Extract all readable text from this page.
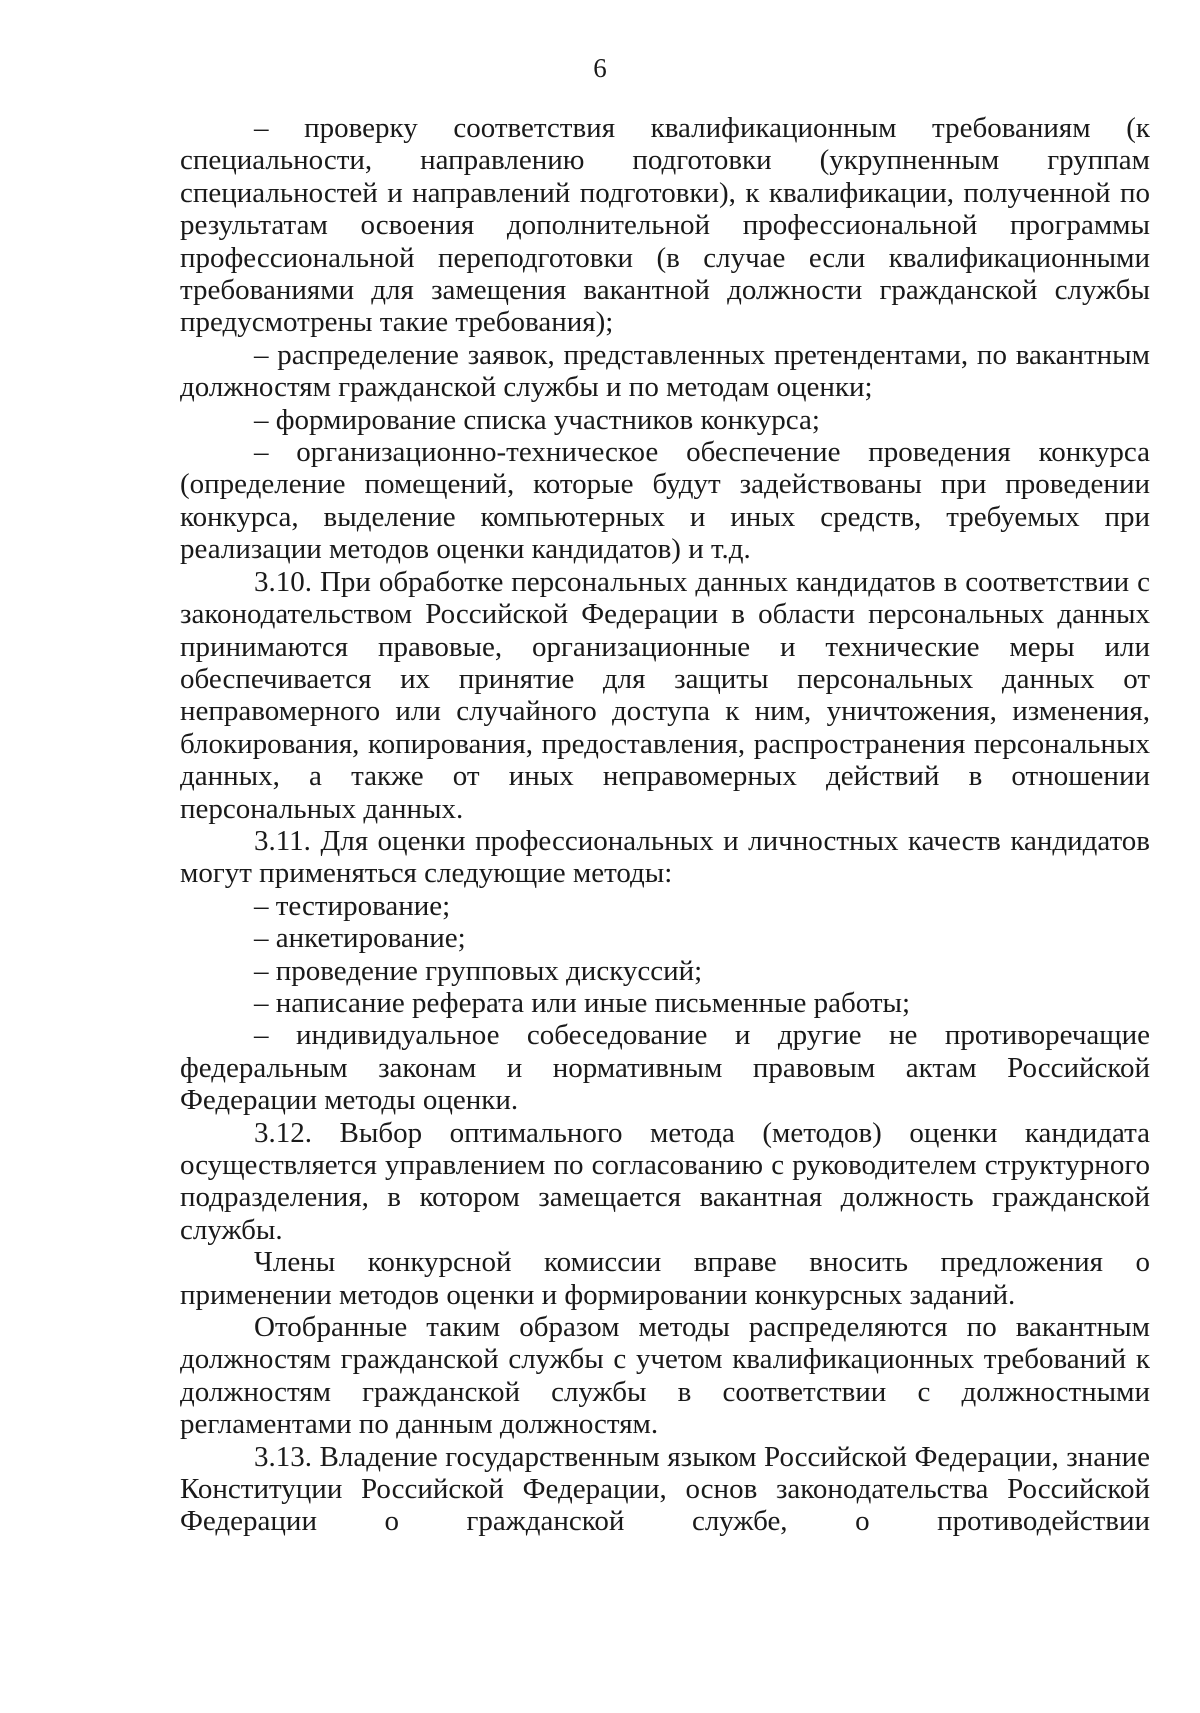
6

– проверку соответствия квалификационным требованиям (к специальности, направлению подготовки (укрупненным группам специальностей и направлений подготовки), к квалификации, полученной по результатам освоения дополнительной профессиональной программы профессиональной переподготовки (в случае если квалификационными требованиями для замещения вакантной должности гражданской службы предусмотрены такие требования);

– распределение заявок, представленных претендентами, по вакантным должностям гражданской службы и по методам оценки;

– формирование списка участников конкурса;

– организационно-техническое обеспечение проведения конкурса (определение помещений, которые будут задействованы при проведении конкурса, выделение компьютерных и иных средств, требуемых при реализации методов оценки кандидатов) и т.д.

3.10. При обработке персональных данных кандидатов в соответствии с законодательством Российской Федерации в области персональных данных принимаются правовые, организационные и технические меры или обеспечивается их принятие для защиты персональных данных от неправомерного или случайного доступа к ним, уничтожения, изменения, блокирования, копирования, предоставления, распространения персональных данных, а также от иных неправомерных действий в отношении персональных данных.

3.11. Для оценки профессиональных и личностных качеств кандидатов могут применяться следующие методы:

– тестирование;

– анкетирование;

– проведение групповых дискуссий;

– написание реферата или иные письменные работы;

– индивидуальное собеседование и другие не противоречащие федеральным законам и нормативным правовым актам Российской Федерации методы оценки.

3.12. Выбор оптимального метода (методов) оценки кандидата осуществляется управлением по согласованию с руководителем структурного подразделения, в котором замещается вакантная должность гражданской службы.

Члены конкурсной комиссии вправе вносить предложения о применении методов оценки и формировании конкурсных заданий.

Отобранные таким образом методы распределяются по вакантным должностям гражданской службы с учетом квалификационных требований к должностям гражданской службы в соответствии с должностными регламентами по данным должностям.

3.13. Владение государственным языком Российской Федерации, знание Конституции Российской Федерации, основ законодательства Российской Федерации о гражданской службе, о противодействии
